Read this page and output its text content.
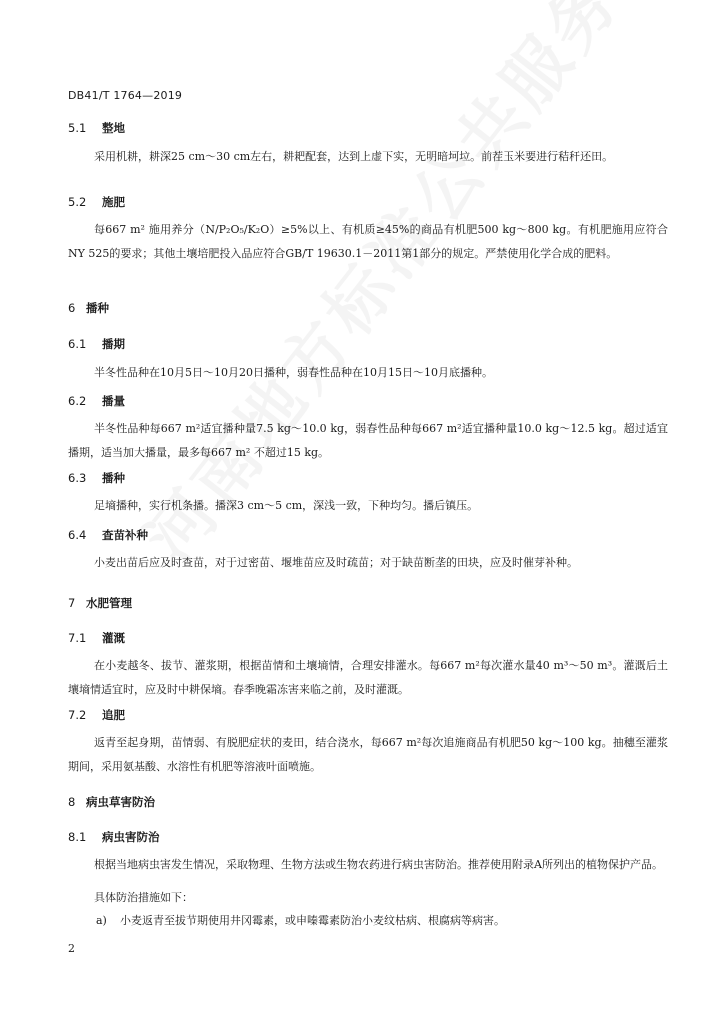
DB41/T 1764—2019
5.1 整地
采用机耕，耕深25 cm～30 cm左右，耕耙配套，达到上虚下实，无明暗坷垃。前茬玉米要进行秸秆还田。
5.2 施肥
每667 m² 施用养分（N/P₂O₅/K₂O）≥5%以上、有机质≥45%的商品有机肥500 kg～800 kg。有机肥施用应符合NY 525的要求；其他土壤培肥投入品应符合GB/T 19630.1－2011第1部分的规定。严禁使用化学合成的肥料。
6 播种
6.1 播期
半冬性品种在10月5日～10月20日播种，弱春性品种在10月15日～10月底播种。
6.2 播量
半冬性品种每667 m²适宜播种量7.5 kg～10.0 kg，弱春性品种每667 m²适宜播种量10.0 kg～12.5 kg。超过适宜播期，适当加大播量，最多每667 m² 不超过15 kg。
6.3 播种
足墒播种，实行机条播。播深3 cm～5 cm，深浅一致，下种均匀。播后镇压。
6.4 查苗补种
小麦出苗后应及时查苗，对于过密苗、堰堆苗应及时疏苗；对于缺苗断垄的田块，应及时催芽补种。
7 水肥管理
7.1 灌溉
在小麦越冬、拔节、灌浆期，根据苗情和土壤墒情，合理安排灌水。每667 m²每次灌水量40 m³～50 m³。灌溉后土壤墒情适宜时，应及时中耕保墒。春季晚霜冻害来临之前，及时灌溉。
7.2 追肥
返青至起身期，苗情弱、有脱肥症状的麦田，结合浇水，每667 m²每次追施商品有机肥50 kg～100 kg。抽穗至灌浆期间，采用氨基酸、水溶性有机肥等溶液叶面喷施。
8 病虫草害防治
8.1 病虫害防治
根据当地病虫害发生情况，采取物理、生物方法或生物农药进行病虫害防治。推荐使用附录A所列出的植物保护产品。
具体防治措施如下：
a) 小麦返青至拔节期使用井冈霉素，或申嗪霉素防治小麦纹枯病、根腐病等病害。
2
